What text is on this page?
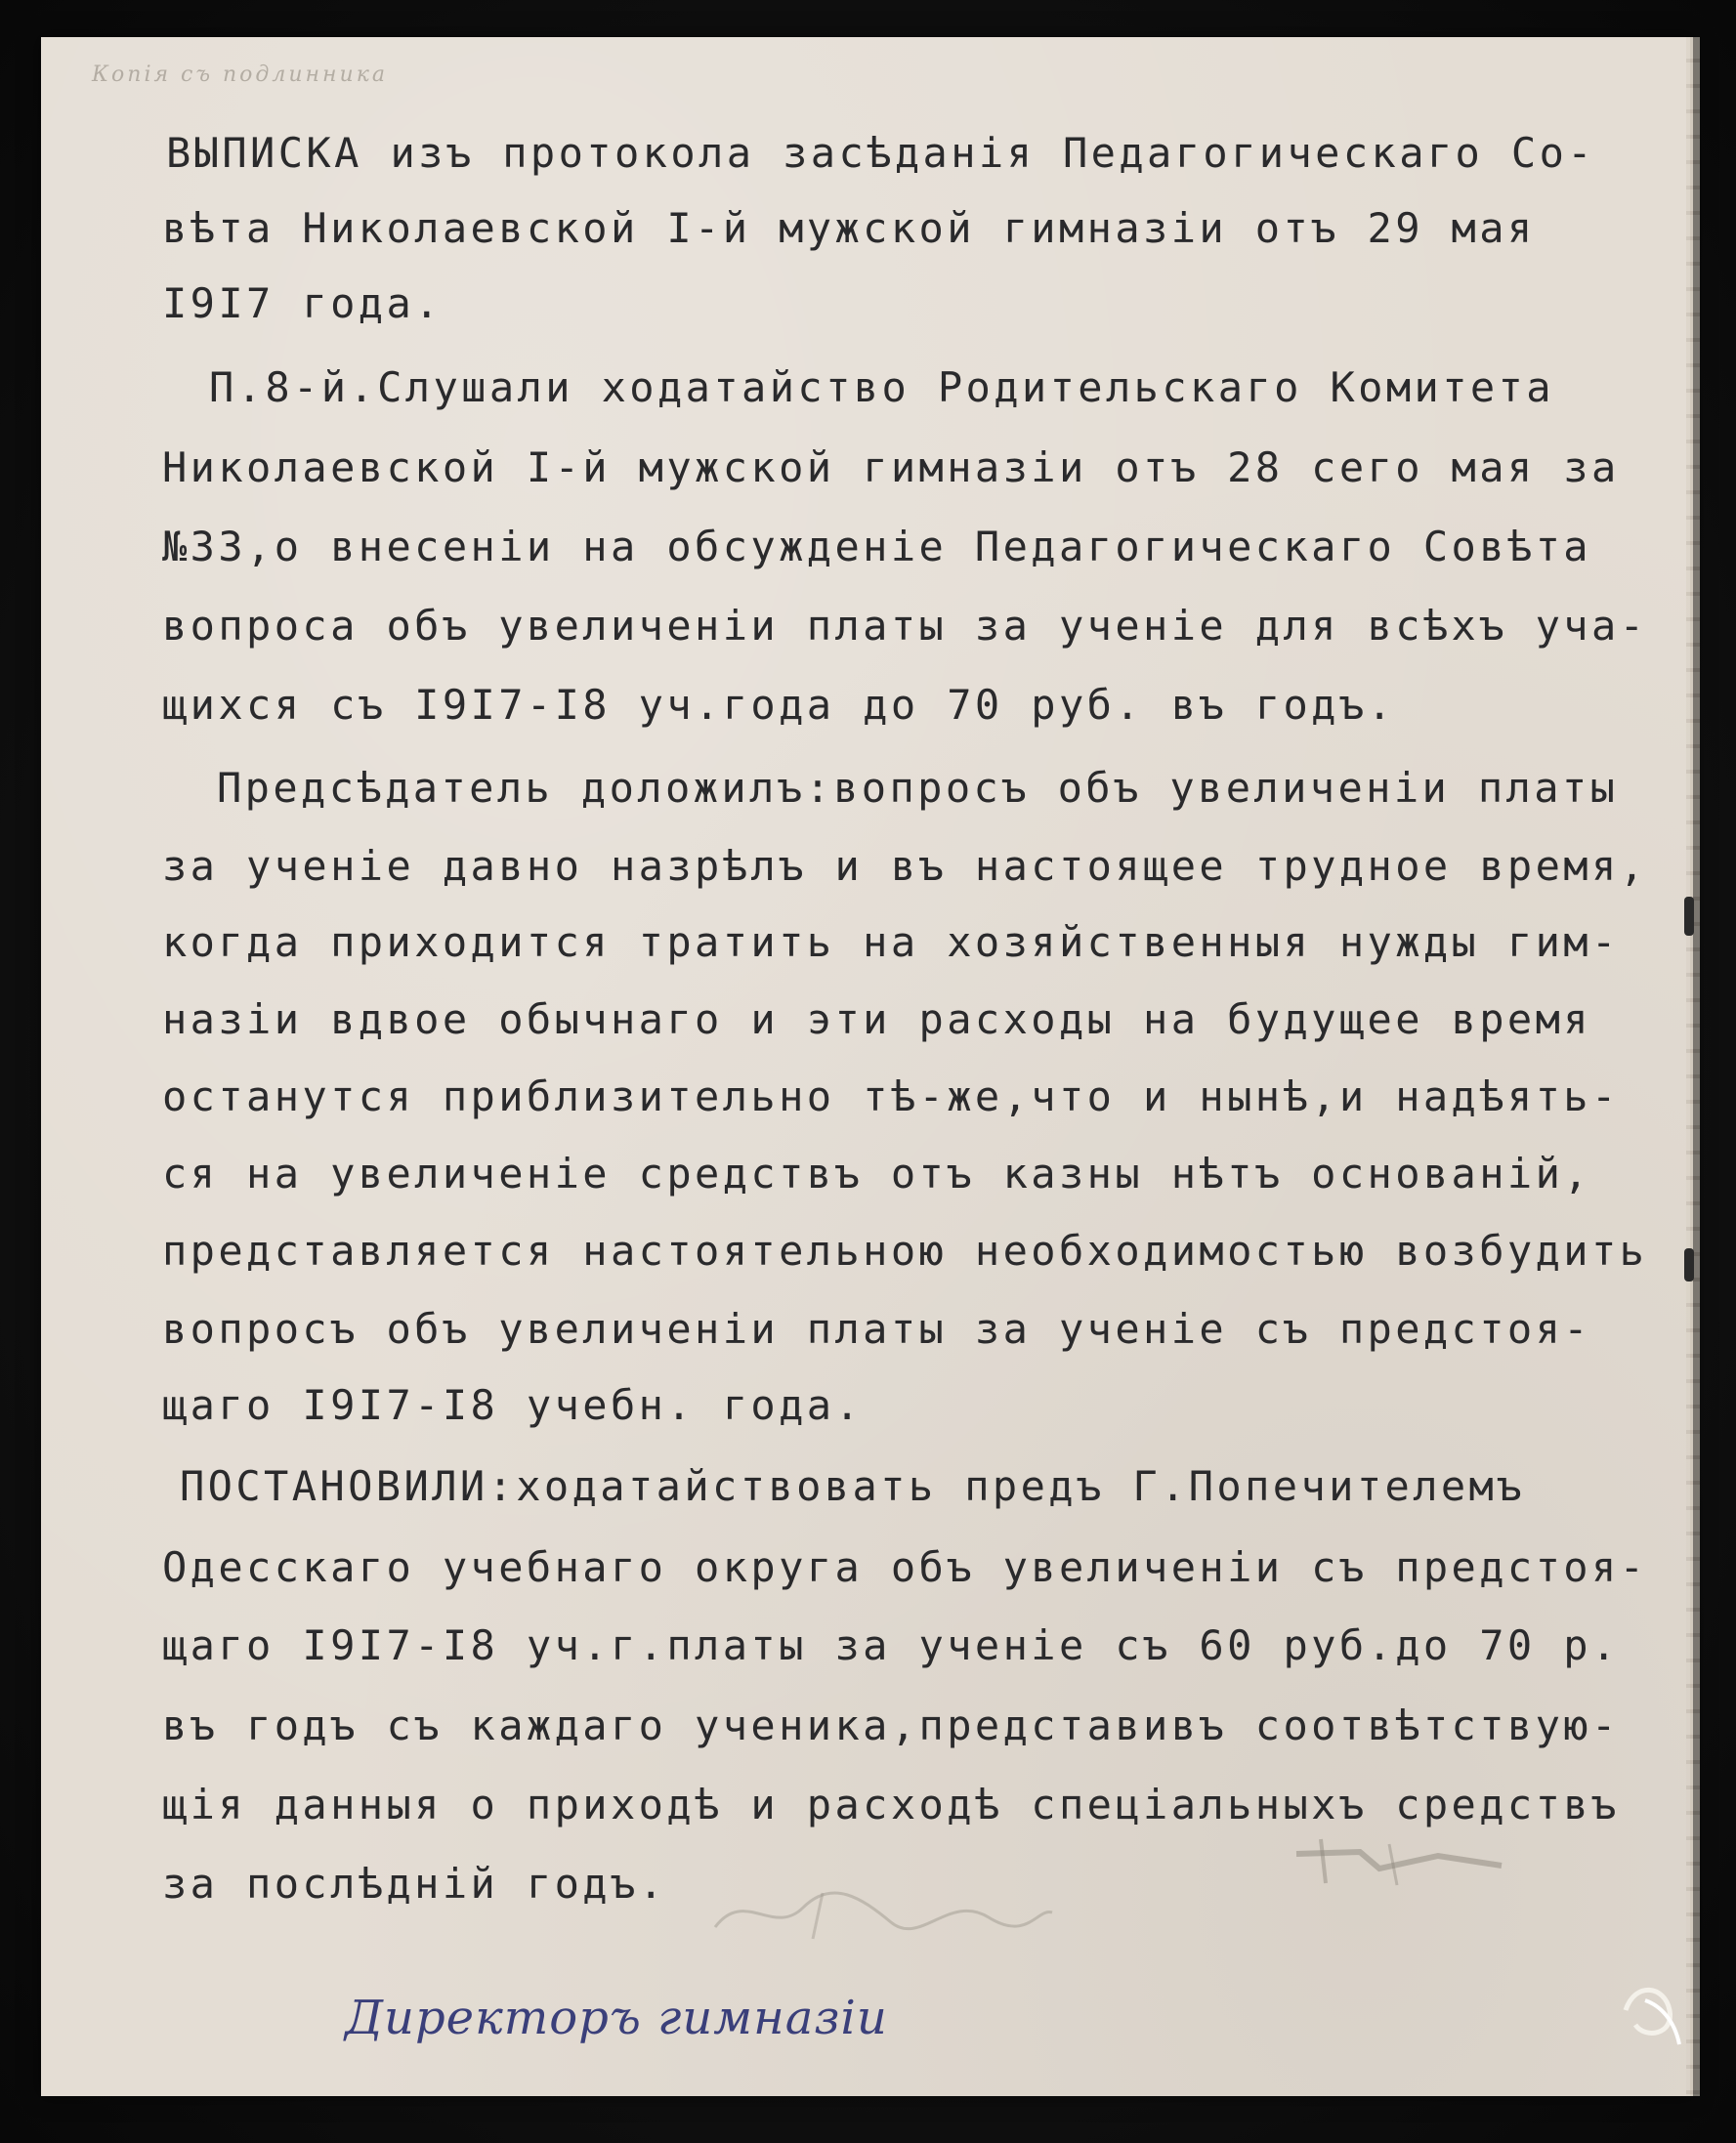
Копія съ подлинника
ВЫПИСКА изъ протокола засѣданія Педагогическаго Со-
вѣта Николаевской I-й мужской гимназiи отъ 29 мая
I9I7 года.
П.8-й.Слушали ходатайство Родительскаго Комитета
Николаевской I-й мужской гимназiи отъ 28 сего мая за
№33,о внесенiи на обсужденiе Педагогическаго Совѣта
вопроса объ увеличенiи платы за ученiе для всѣхъ уча-
щихся съ I9I7-I8 уч.года до 70 руб. въ годъ.
Предсѣдатель доложилъ:вопросъ объ увеличенiи платы
за ученiе давно назрѣлъ и въ настоящее трудное время,
когда приходится тратить на хозяйственныя нужды гим-
назiи вдвое обычнаго и эти расходы на будущее время
останутся приблизительно тѣ-же,что и нынѣ,и надѣять-
ся на увеличенiе средствъ отъ казны нѣтъ основанiй,
представляется настоятельною необходимостью возбудить
вопросъ объ увеличенiи платы за ученiе съ предстоя-
щаго I9I7-I8 учебн. года.
ПОСТАНОВИЛИ:ходатайствовать предъ Г.Попечителемъ
Одесскаго учебнаго округа объ увеличенiи съ предстоя-
щаго I9I7-I8 уч.г.платы за ученiе съ 60 руб.до 70 р.
въ годъ съ каждаго ученика,представивъ соотвѣтствую-
щiя данныя о приходѣ и расходѣ спецiальныхъ средствъ
за послѣднiй годъ.
Директоръ гимназiи
